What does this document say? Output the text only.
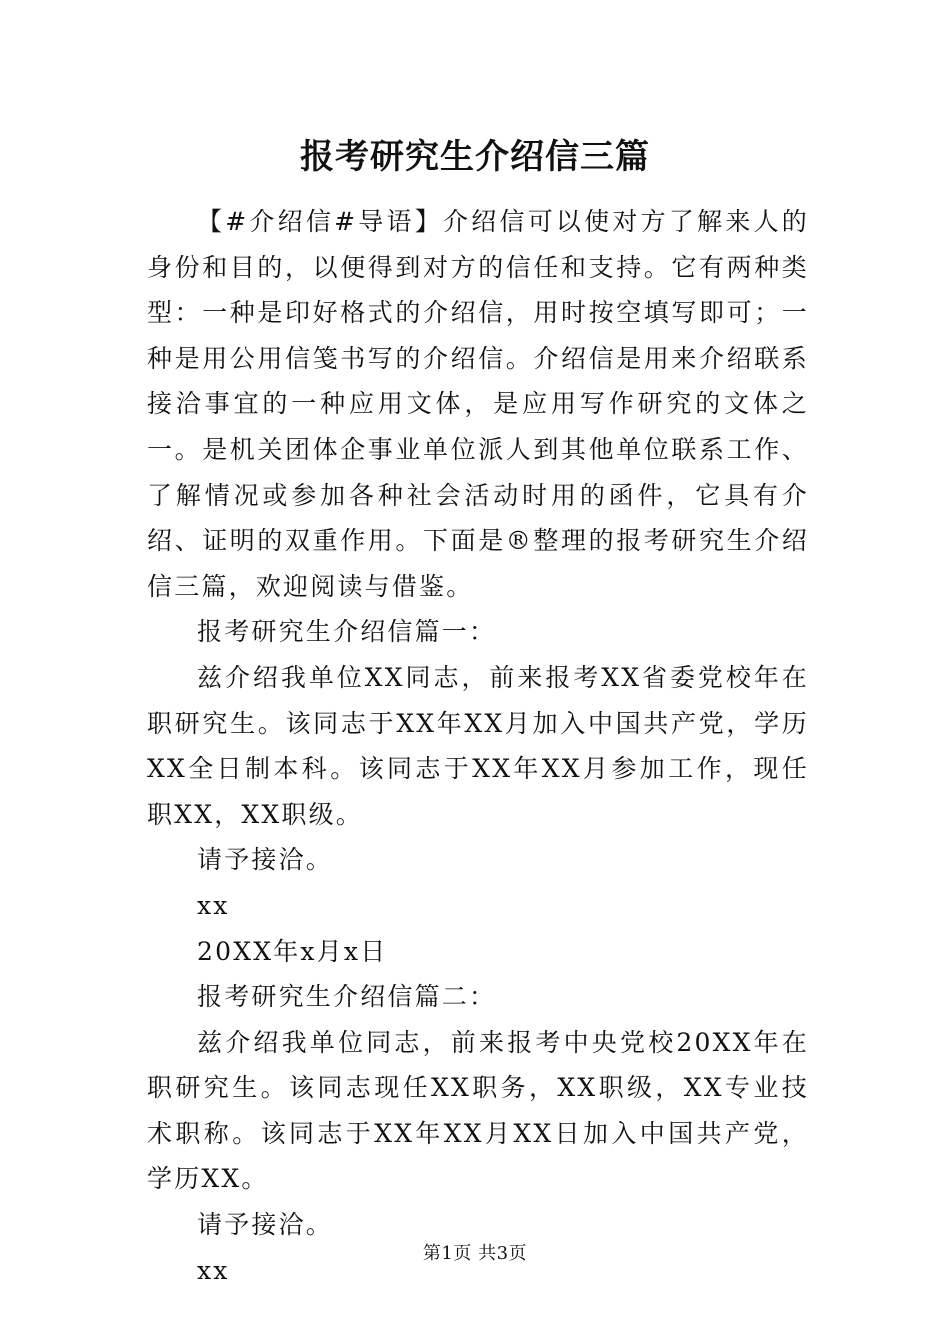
报考研究生介绍信三篇

【#介绍信#导语】介绍信可以使对方了解来人的身份和目的，以便得到对方的信任和支持。它有两种类型：一种是印好格式的介绍信，用时按空填写即可；一种是用公用信笺书写的介绍信。介绍信是用来介绍联系接洽事宜的一种应用文体，是应用写作研究的文体之一。是机关团体企事业单位派人到其他单位联系工作、了解情况或参加各种社会活动时用的函件，它具有介绍、证明的双重作用。下面是®整理的报考研究生介绍信三篇，欢迎阅读与借鉴。

报考研究生介绍信篇一：

兹介绍我单位XX同志，前来报考XX省委党校年在职研究生。该同志于XX年XX月加入中国共产党，学历XX全日制本科。该同志于XX年XX月参加工作，现任职XX，XX职级。

请予接洽。

xx

20XX年x月x日

报考研究生介绍信篇二：

兹介绍我单位同志，前来报考中央党校20XX年在职研究生。该同志现任XX职务，XX职级，XX专业技术职称。该同志于XX年XX月XX日加入中国共产党，学历XX。

请予接洽。

xx

第1页 共3页
